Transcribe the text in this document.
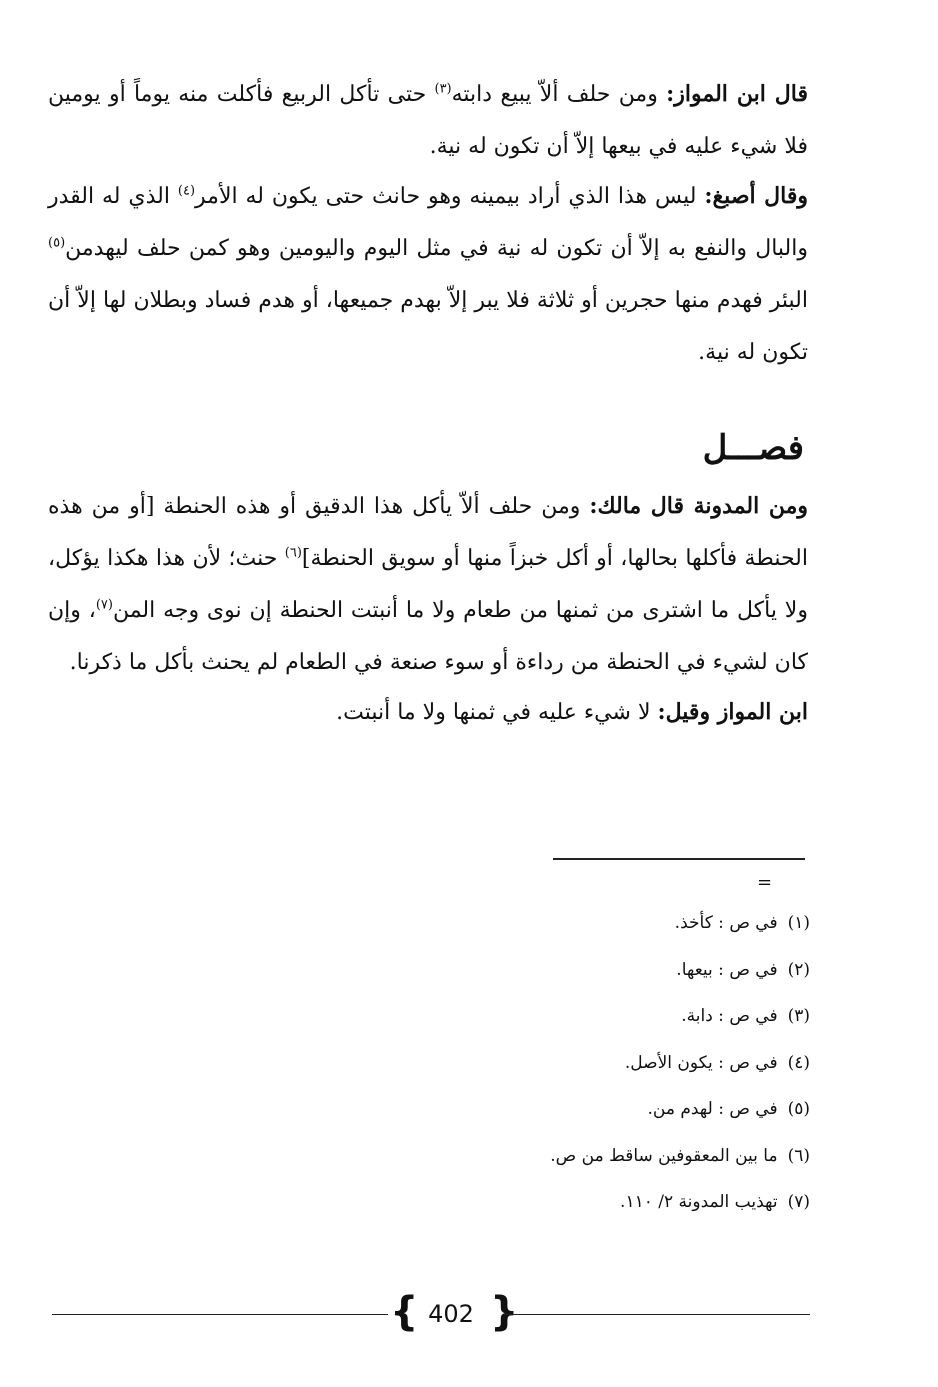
قال ابن المواز: ومن حلف ألاّ يبيع دابته$^{(٣)}$ حتى تأكل الربيع فأكلت منه يوماً أو يومين فلا شيء عليه في بيعها إلاّ أن تكون له نية.

وقال أصبغ: ليس هذا الذي أراد بيمينه وهو حانث حتى يكون له الأمر$^{(٤)}$ الذي له القدر والبال والنفع به إلاّ أن تكون له نية في مثل اليوم واليومين وهو كمن حلف ليهدمن$^{(٥)}$ البئر فهدم منها حجرين أو ثلاثة فلا يبر إلاّ بهدم جميعها، أو هدم فساد وبطلان لها إلاّ أن تكون له نية.

فصـــل

ومن المدونة قال مالك: ومن حلف ألاّ يأكل هذا الدقيق أو هذه الحنطة [أو من هذه الحنطة فأكلها بحالها، أو أكل خبزاً منها أو سويق الحنطة]$^{(٦)}$ حنث؛ لأن هذا هكذا يؤكل، ولا يأكل ما اشترى من ثمنها من طعام ولا ما أنبتت الحنطة إن نوى وجه المن$^{(٧)}$، وإن كان لشيء في الحنطة من رداءة أو سوء صنعة في الطعام لم يحنث بأكل ما ذكرنا.

ابن المواز وقيل: لا شيء عليه في ثمنها ولا ما أنبتت.

=
(١)في ص : كأخذ.
(٢)في ص : بيعها.
(٣)في ص : دابة.
(٤)في ص : يكون الأصل.
(٥)في ص : لهدم من.
(٦)ما بين المعقوفين ساقط من ص.
(٧)تهذيب المدونة ٢/ ١١٠.
{ 402 }
